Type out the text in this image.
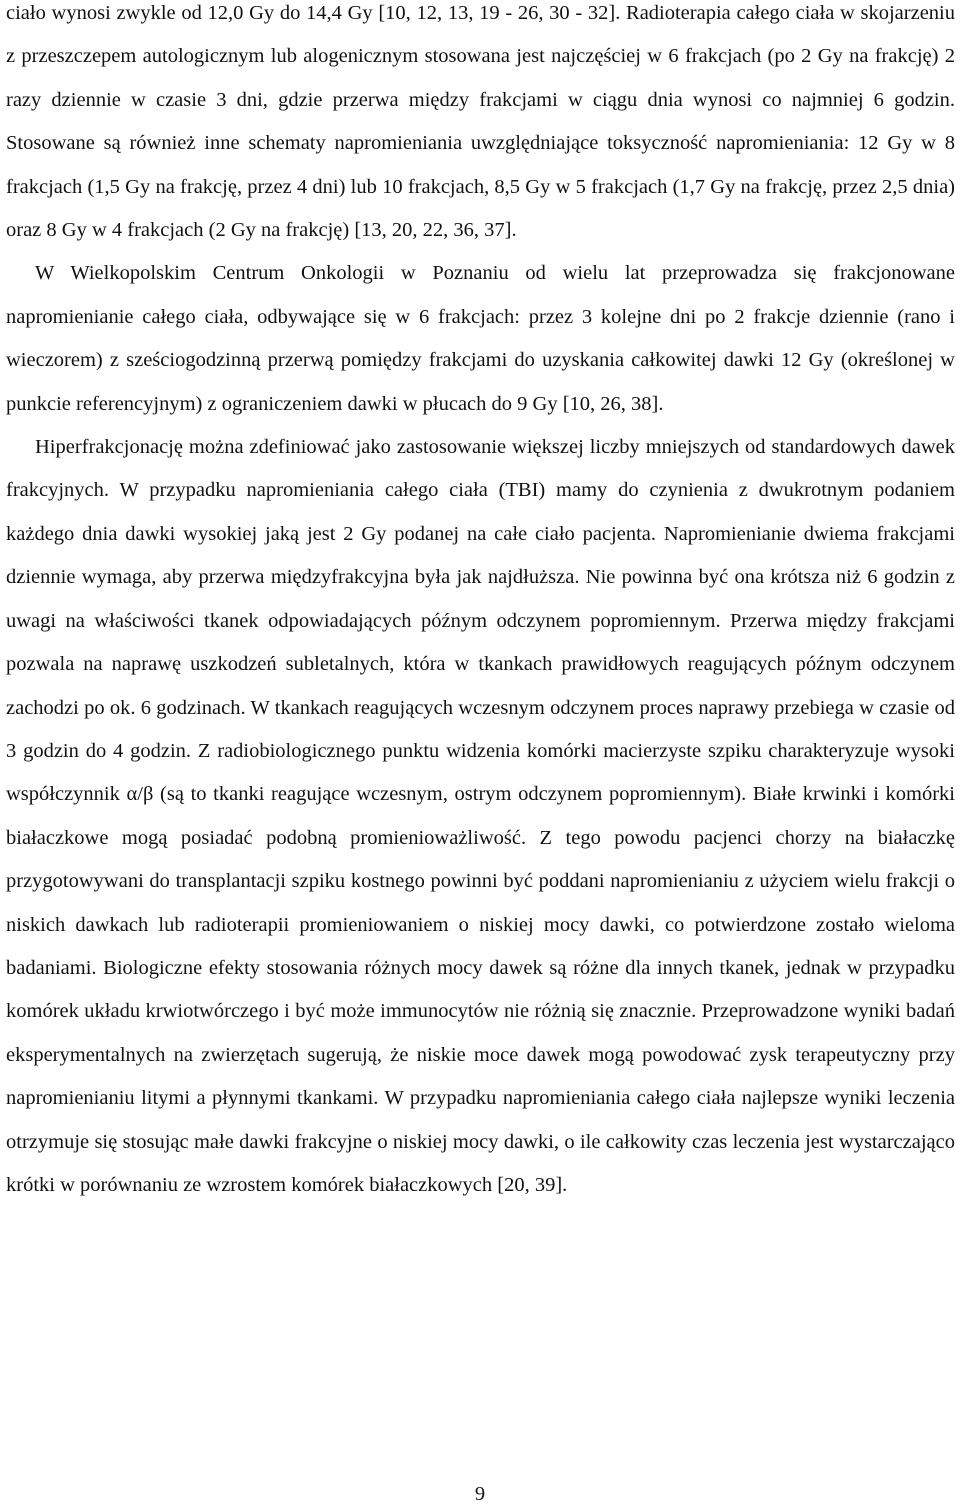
ciało wynosi zwykle od 12,0 Gy do 14,4 Gy [10, 12, 13, 19 - 26, 30 - 32]. Radioterapia całego ciała w skojarzeniu z przeszczepem autologicznym lub alogenicznym stosowana jest najczęściej w 6 frakcjach (po 2 Gy na frakcję) 2 razy dziennie w czasie 3 dni, gdzie przerwa między frakcjami w ciągu dnia wynosi co najmniej 6 godzin. Stosowane są również inne schematy napromieniania uwzględniające toksyczność napromieniania: 12 Gy w 8 frakcjach (1,5 Gy na frakcję, przez 4 dni) lub 10 frakcjach, 8,5 Gy w 5 frakcjach (1,7 Gy na frakcję, przez 2,5 dnia) oraz 8 Gy w 4 frakcjach (2 Gy na frakcję) [13, 20, 22, 36, 37].

W Wielkopolskim Centrum Onkologii w Poznaniu od wielu lat przeprowadza się frakcjonowane napromienianie całego ciała, odbywające się w 6 frakcjach: przez 3 kolejne dni po 2 frakcje dziennie (rano i wieczorem) z sześciogodzinną przerwą pomiędzy frakcjami do uzyskania całkowitej dawki 12 Gy (określonej w punkcie referencyjnym) z ograniczeniem dawki w płucach do 9 Gy [10, 26, 38].

Hiperfrakcjonację można zdefiniować jako zastosowanie większej liczby mniejszych od standardowych dawek frakcyjnych. W przypadku napromieniania całego ciała (TBI) mamy do czynienia z dwukrotnym podaniem każdego dnia dawki wysokiej jaką jest 2 Gy podanej na całe ciało pacjenta. Napromienianie dwiema frakcjami dziennie wymaga, aby przerwa międzyfrakcyjna była jak najdłuższa. Nie powinna być ona krótsza niż 6 godzin z uwagi na właściwości tkanek odpowiadających późnym odczynem popromiennym. Przerwa między frakcjami pozwala na naprawę uszkodzeń subletalnych, która w tkankach prawidłowych reagujących późnym odczynem zachodzi po ok. 6 godzinach. W tkankach reagujących wczesnym odczynem proces naprawy przebiega w czasie od 3 godzin do 4 godzin. Z radiobiologicznego punktu widzenia komórki macierzyste szpiku charakteryzuje wysoki współczynnik α/β (są to tkanki reagujące wczesnym, ostrym odczynem popromiennym). Białe krwinki i komórki białaczkowe mogą posiadać podobną promienioważliwość. Z tego powodu pacjenci chorzy na białaczkę przygotowywani do transplantacji szpiku kostnego powinni być poddani napromienianiu z użyciem wielu frakcji o niskich dawkach lub radioterapii promieniowaniem o niskiej mocy dawki, co potwierdzone zostało wieloma badaniami. Biologiczne efekty stosowania różnych mocy dawek są różne dla innych tkanek, jednak w przypadku komórek układu krwiotwórczego i być może immunocytów nie różnią się znacznie. Przeprowadzone wyniki badań eksperymentalnych na zwierzętach sugerują, że niskie moce dawek mogą powodować zysk terapeutyczny przy napromienianiu litymi a płynnymi tkankami. W przypadku napromieniania całego ciała najlepsze wyniki leczenia otrzymuje się stosując małe dawki frakcyjne o niskiej mocy dawki, o ile całkowity czas leczenia jest wystarczająco krótki w porównaniu ze wzrostem komórek białaczkowych [20, 39].

9
